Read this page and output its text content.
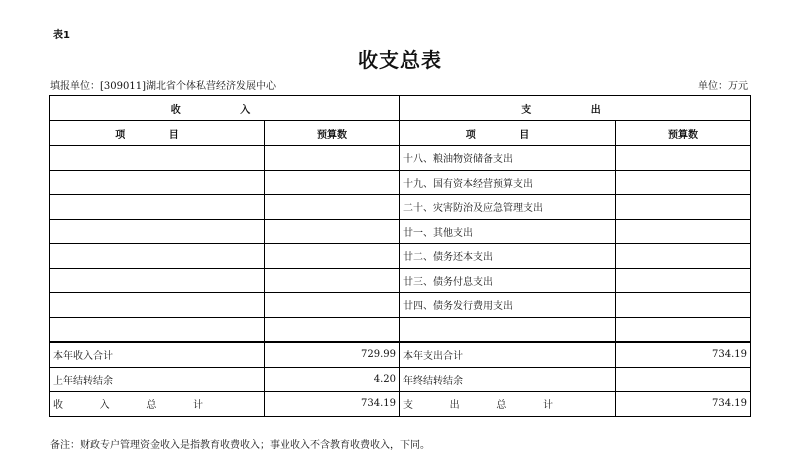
表1
收支总表
填报单位：[309011]湖北省个体私营经济发展中心	单位：万元
收 入		支 出	
项 目	预算数	项 目	预算数
		十八、粮油物资储备支出	
		十九、国有资本经营预算支出	
		二十、灾害防治及应急管理支出	
		廿一、其他支出	
		廿二、债务还本支出	
		廿三、债务付息支出	
		廿四、债务发行费用支出	

本年收入合计	729.99	本年支出合计	734.19
上年结转结余	4.20	年终结转结余	

收 入 总 计	734.19	支 出 总 计	734.19
备注：财政专户管理资金收入是指教育收费收入；事业收入不含教育收费收入，下同。
